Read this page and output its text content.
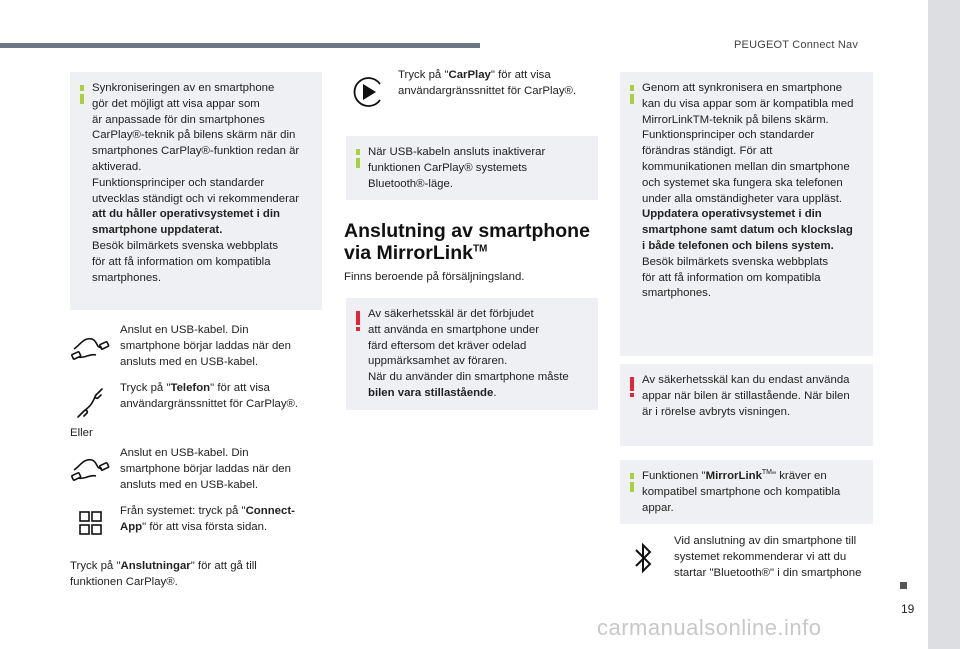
PEUGEOT Connect Nav
Synkroniseringen av en smartphone
gör det möjligt att visa appar som
är anpassade för din smartphones
CarPlay®-teknik på bilens skärm när din
smartphones CarPlay®-funktion redan är
aktiverad.
Funktionsprinciper och standarder
utvecklas ständigt och vi rekommenderar
att du håller operativsystemet i din
smartphone uppdaterat.
Besök bilmärkets svenska webbplats
för att få information om kompatibla
smartphones.
Anslut en USB-kabel. Din
smartphone börjar laddas när den
ansluts med en USB-kabel.
Tryck på "Telefon" för att visa
användargränssnittet för CarPlay®.
Eller
Anslut en USB-kabel. Din
smartphone börjar laddas när den
ansluts med en USB-kabel.
Från systemet: tryck på "Connect-
App" för att visa första sidan.
Tryck på "Anslutningar" för att gå till
funktionen CarPlay®.
Tryck på "CarPlay" för att visa
användargränssnittet för CarPlay®.
När USB-kabeln ansluts inaktiverar
funktionen CarPlay® systemets
Bluetooth®-läge.
Anslutning av smartphone
via MirrorLink™
Finns beroende på försäljningsland.
Av säkerhetsskäl är det förbjudet
att använda en smartphone under
färd eftersom det kräver odelad
uppmärksamhet av föraren.
När du använder din smartphone måste
bilen vara stillastående.
Genom att synkronisera en smartphone
kan du visa appar som är kompatibla med
MirrorLinkTM-teknik på bilens skärm.
Funktionsprinciper och standarder
förändras ständigt. För att
kommunikationen mellan din smartphone
och systemet ska fungera ska telefonen
under alla omständigheter vara uppläst.
Uppdatera operativsystemet i din
smartphone samt datum och klockslag
i både telefonen och bilens system.
Besök bilmärkets svenska webbplats
för att få information om kompatibla
smartphones.
Av säkerhetsskäl kan du endast använda
appar när bilen är stillastående. När bilen
är i rörelse avbryts visningen.
Funktionen "MirrorLink™" kräver en
kompatibel smartphone och kompatibla
appar.
Vid anslutning av din smartphone till
systemet rekommenderar vi att du
startar "Bluetooth®" i din smartphone
19
carmanualsonline.info
